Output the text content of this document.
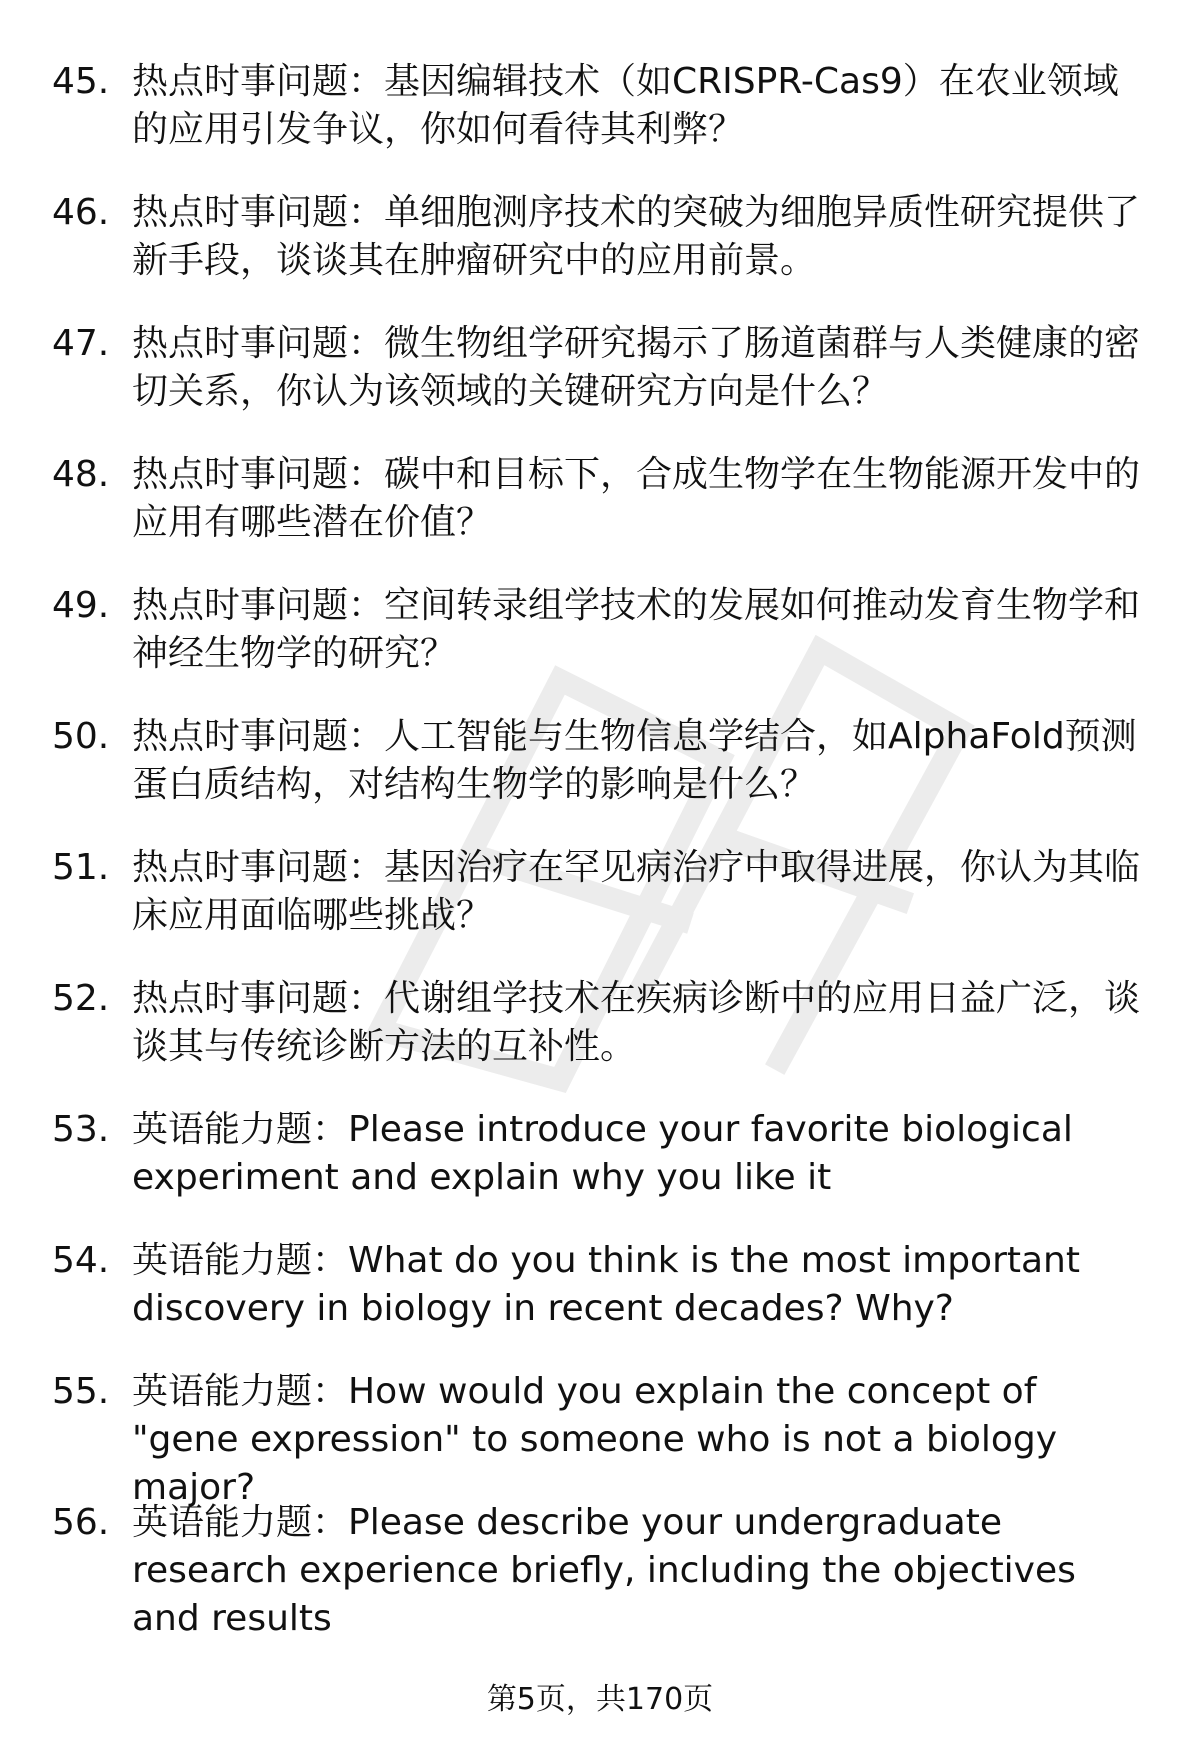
45. 热点时事问题：基因编辑技术（如CRISPR-Cas9）在农业领域的应用引发争议，你如何看待其利弊？
46. 热点时事问题：单细胞测序技术的突破为细胞异质性研究提供了新手段，谈谈其在肿瘤研究中的应用前景。
47. 热点时事问题：微生物组学研究揭示了肠道菌群与人类健康的密切关系，你认为该领域的关键研究方向是什么？
48. 热点时事问题：碳中和目标下，合成生物学在生物能源开发中的应用有哪些潜在价值？
49. 热点时事问题：空间转录组学技术的发展如何推动发育生物学和神经生物学的研究？
50. 热点时事问题：人工智能与生物信息学结合，如AlphaFold预测蛋白质结构，对结构生物学的影响是什么？
51. 热点时事问题：基因治疗在罕见病治疗中取得进展，你认为其临床应用面临哪些挑战？
52. 热点时事问题：代谢组学技术在疾病诊断中的应用日益广泛，谈谈其与传统诊断方法的互补性。
53. 英语能力题：Please introduce your favorite biological experiment and explain why you like it
54. 英语能力题：What do you think is the most important discovery in biology in recent decades? Why?
55. 英语能力题：How would you explain the concept of "gene expression" to someone who is not a biology major?
56. 英语能力题：Please describe your undergraduate research experience briefly, including the objectives and results
第5页，共170页
